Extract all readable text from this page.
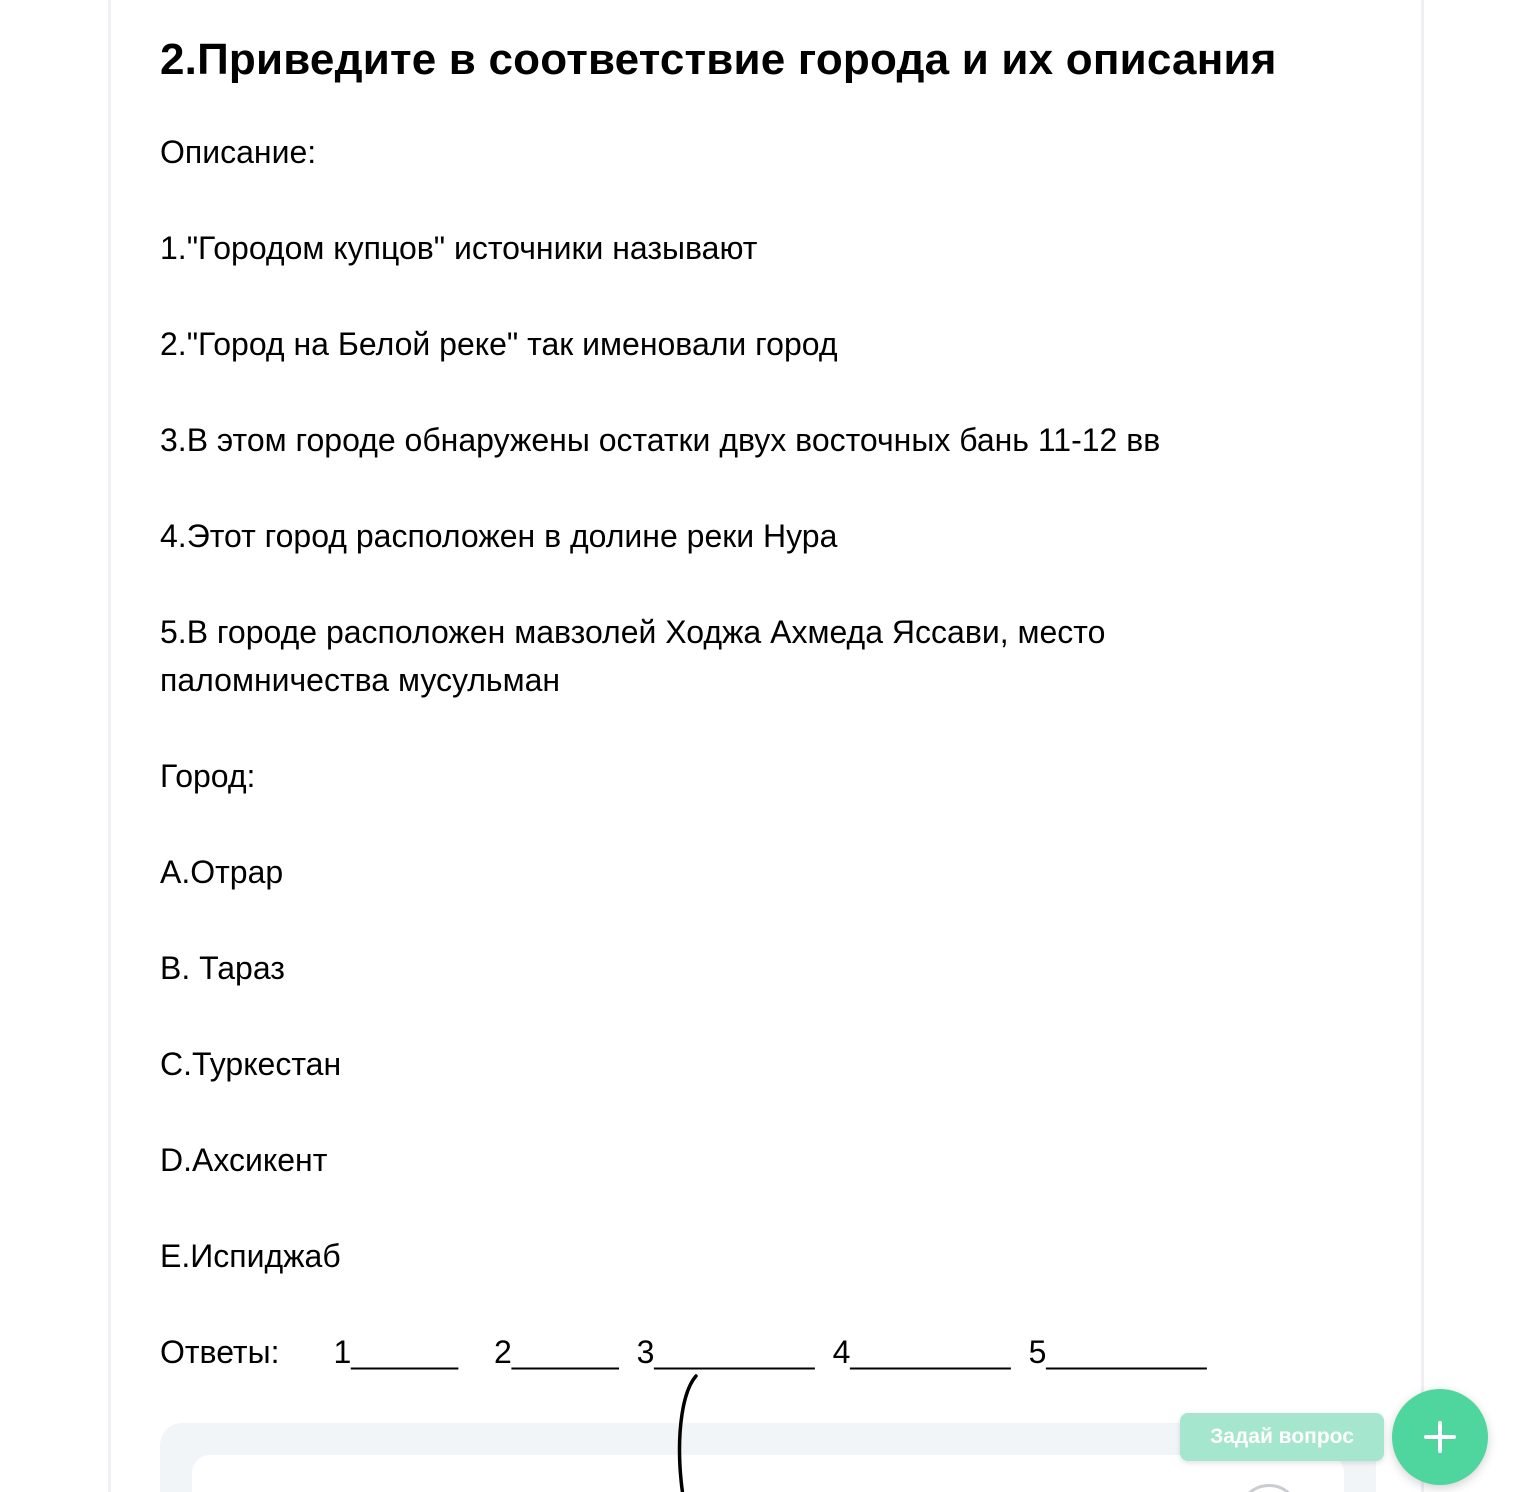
2.Приведите в соответствие города и их описания

Описание:

1."Городом купцов" источники называют

2."Город на Белой реке" так именовали город

3.В этом городе обнаружены остатки двух восточных бань 11-12 вв

4.Этот город расположен в долине реки Нура

5.В городе расположен мавзолей Ходжа Ахмеда Яссави, место паломничества мусульман

Город:

A.Отрар

B. Тараз

C.Туркестан

D.Ахсикент

E.Испиджаб

Ответы: 1______ 2______ 3_________ 4_________ 5_________
Задай вопрос
